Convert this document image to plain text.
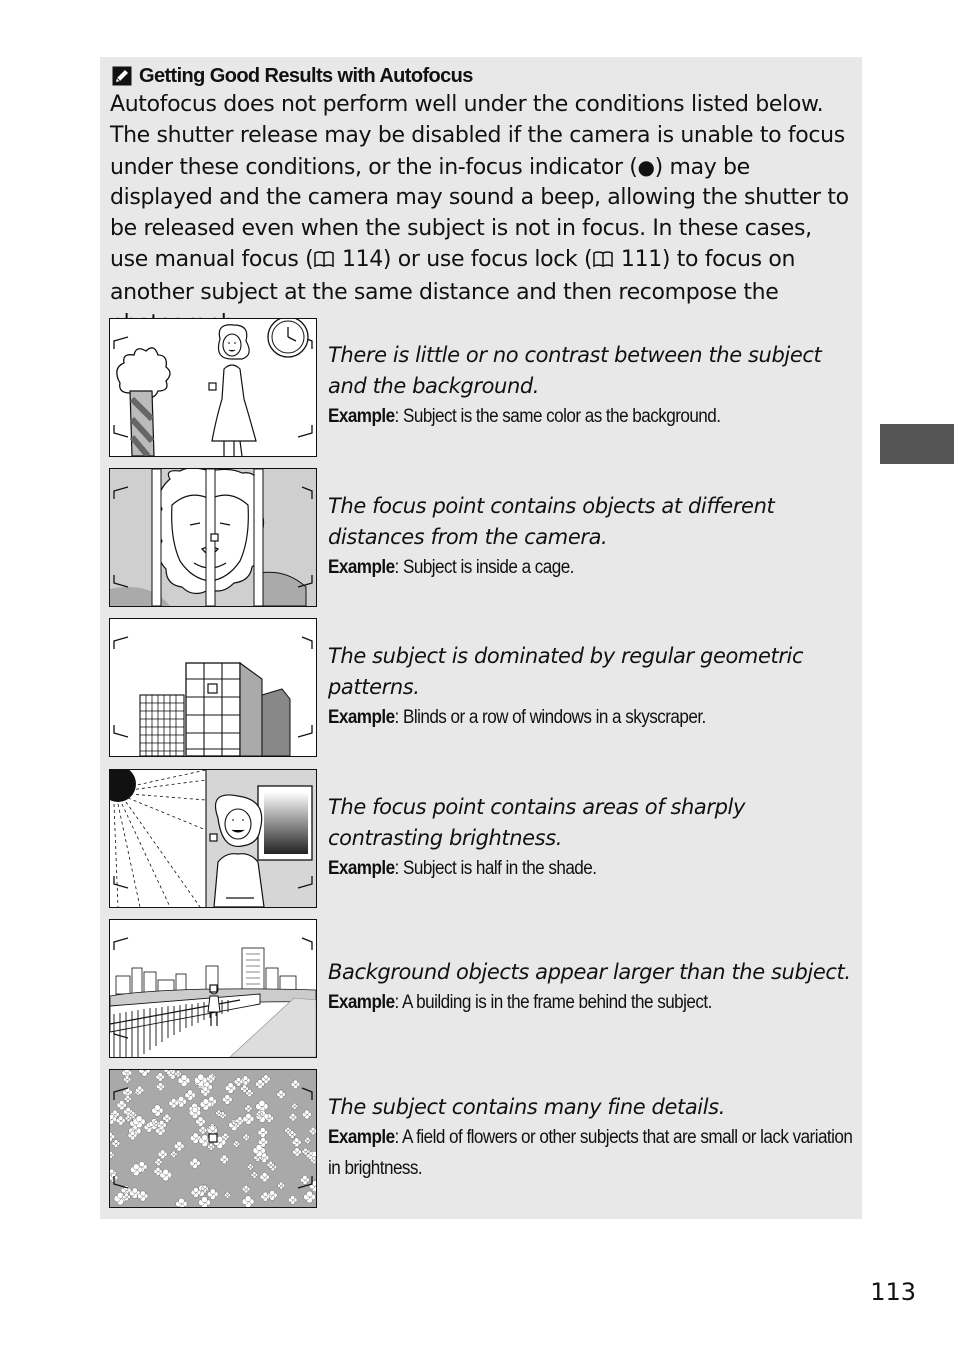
Getting Good Results with Autofocus

Autofocus does not perform well under the conditions listed below. The shutter release may be disabled if the camera is unable to focus under these conditions, or the in-focus indicator (●) may be displayed and the camera may sound a beep, allowing the shutter to be released even when the subject is not in focus. In these cases, use manual focus ( 114) or use focus lock ( 111) to focus on another subject at the same distance and then recompose the

There is little or no contrast between the subject and the background.

Example: Subject is the same color as the background.

The focus point contains objects at different distances from the camera.

Example: Subject is inside a cage.

The subject is dominated by regular geometric patterns.

Example: Blinds or a row of windows in a skyscraper.

The focus point contains areas of sharply contrasting brightness.

Example: Subject is half in the shade.

Background objects appear larger than the subject.

Example: A building is in the frame behind the subject.

The subject contains many fine details.

Example: A field of flowers or other subjects that are small or lack variation in brightness.

113
